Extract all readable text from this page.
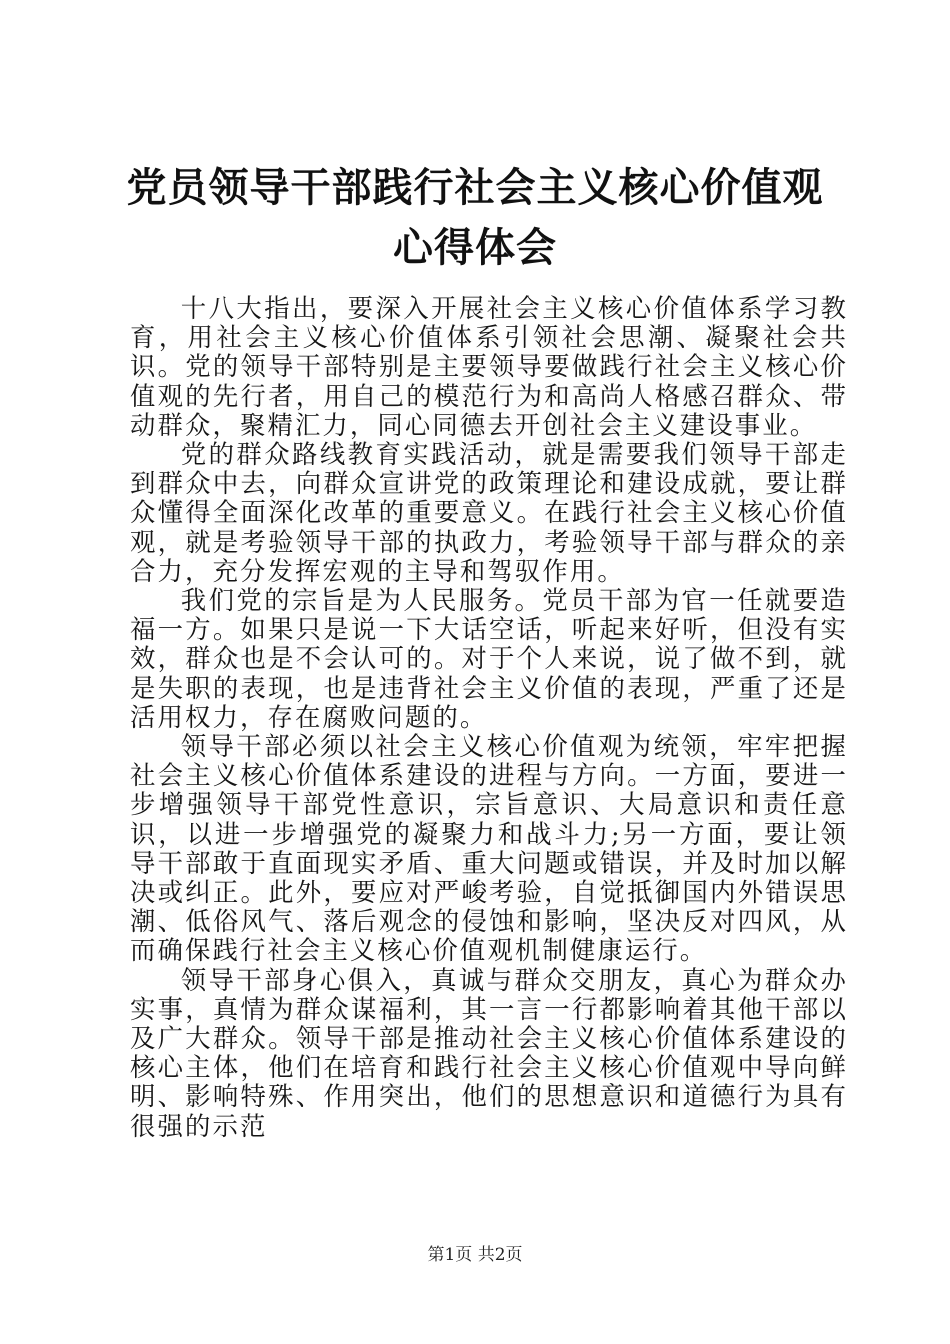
党员领导干部践行社会主义核心价值观心得体会

十八大指出，要深入开展社会主义核心价值体系学习教育，用社会主义核心价值体系引领社会思潮、凝聚社会共识。党的领导干部特别是主要领导要做践行社会主义核心价值观的先行者，用自己的模范行为和高尚人格感召群众、带动群众，聚精汇力，同心同德去开创社会主义建设事业。

党的群众路线教育实践活动，就是需要我们领导干部走到群众中去，向群众宣讲党的政策理论和建设成就，要让群众懂得全面深化改革的重要意义。在践行社会主义核心价值观，就是考验领导干部的执政力，考验领导干部与群众的亲合力，充分发挥宏观的主导和驾驭作用。

我们党的宗旨是为人民服务。党员干部为官一任就要造福一方。如果只是说一下大话空话，听起来好听，但没有实效，群众也是不会认可的。对于个人来说，说了做不到，就是失职的表现，也是违背社会主义价值的表现，严重了还是活用权力，存在腐败问题的。

领导干部必须以社会主义核心价值观为统领，牢牢把握社会主义核心价值体系建设的进程与方向。一方面，要进一步增强领导干部党性意识，宗旨意识、大局意识和责任意识，以进一步增强党的凝聚力和战斗力;另一方面，要让领导干部敢于直面现实矛盾、重大问题或错误，并及时加以解决或纠正。此外，要应对严峻考验，自觉抵御国内外错误思潮、低俗风气、落后观念的侵蚀和影响，坚决反对四风，从而确保践行社会主义核心价值观机制健康运行。

领导干部身心俱入，真诚与群众交朋友，真心为群众办实事，真情为群众谋福利，其一言一行都影响着其他干部以及广大群众。领导干部是推动社会主义核心价值体系建设的核心主体，他们在培育和践行社会主义核心价值观中导向鲜明、影响特殊、作用突出，他们的思想意识和道德行为具有很强的示范

第1页 共2页
